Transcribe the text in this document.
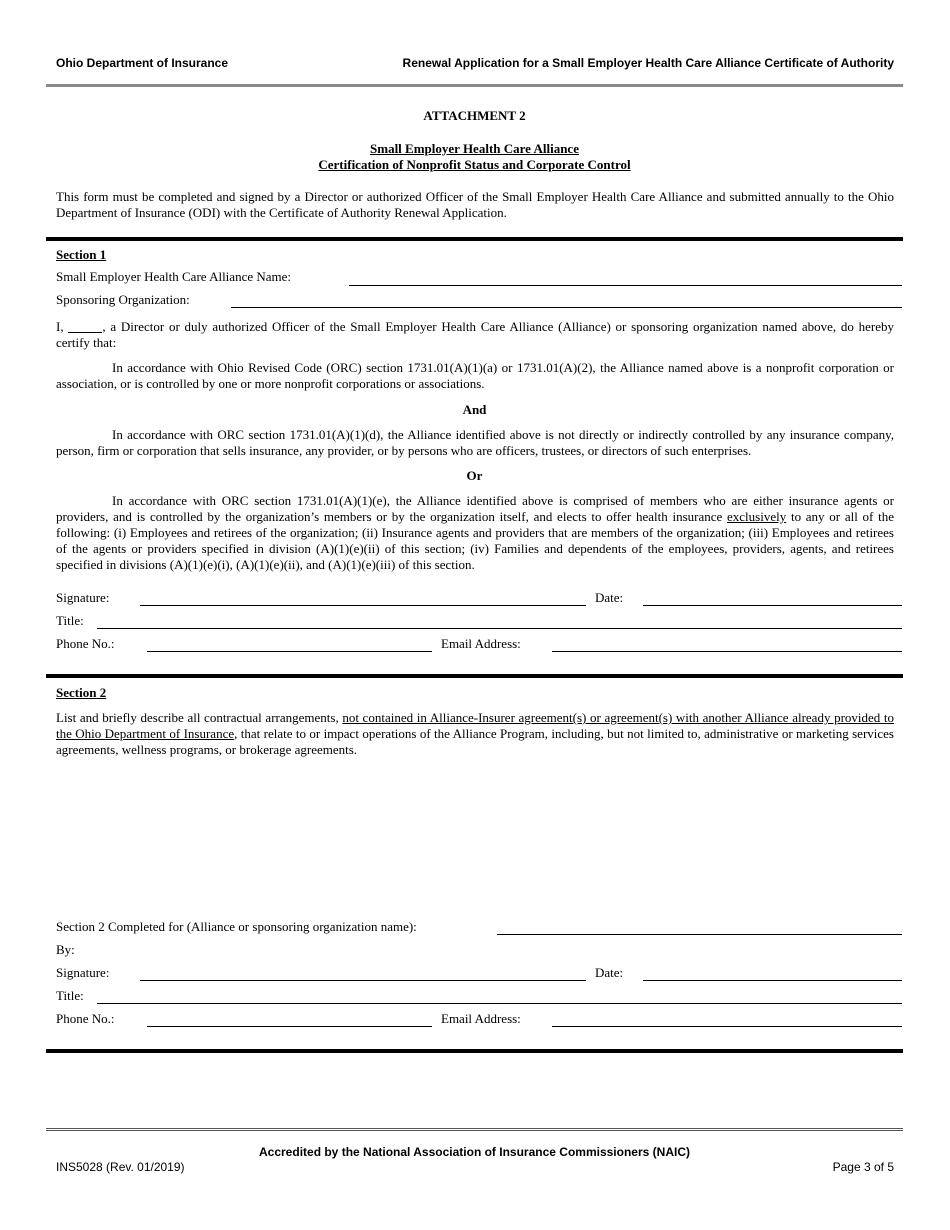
Ohio Department of Insurance	Renewal Application for a Small Employer Health Care Alliance Certificate of Authority
ATTACHMENT 2
Small Employer Health Care Alliance
Certification of Nonprofit Status and Corporate Control
This form must be completed and signed by a Director or authorized Officer of the Small Employer Health Care Alliance and submitted annually to the Ohio Department of Insurance (ODI) with the Certificate of Authority Renewal Application.
Section 1
Small Employer Health Care Alliance Name:
Sponsoring Organization:
I,	, a Director or duly authorized Officer of the Small Employer Health Care Alliance (Alliance) or sponsoring organization named above, do hereby certify that:
In accordance with Ohio Revised Code (ORC) section 1731.01(A)(1)(a) or 1731.01(A)(2), the Alliance named above is a nonprofit corporation or association, or is controlled by one or more nonprofit corporations or associations.
And
In accordance with ORC section 1731.01(A)(1)(d), the Alliance identified above is not directly or indirectly controlled by any insurance company, person, firm or corporation that sells insurance, any provider, or by persons who are officers, trustees, or directors of such enterprises.
Or
In accordance with ORC section 1731.01(A)(1)(e), the Alliance identified above is comprised of members who are either insurance agents or providers, and is controlled by the organization’s members or by the organization itself, and elects to offer health insurance exclusively to any or all of the following: (i) Employees and retirees of the organization; (ii) Insurance agents and providers that are members of the organization; (iii) Employees and retirees of the agents or providers specified in division (A)(1)(e)(ii) of this section; (iv) Families and dependents of the employees, providers, agents, and retirees specified in divisions (A)(1)(e)(i), (A)(1)(e)(ii), and (A)(1)(e)(iii) of this section.
Signature:	Date:
Title:
Phone No.:	Email Address:
Section 2
List and briefly describe all contractual arrangements, not contained in Alliance-Insurer agreement(s) or agreement(s) with another Alliance already provided to the Ohio Department of Insurance, that relate to or impact operations of the Alliance Program, including, but not limited to, administrative or marketing services agreements, wellness programs, or brokerage agreements.
Section 2 Completed for (Alliance or sponsoring organization name):
By:
Signature:	Date:
Title:
Phone No.:	Email Address:
Accredited by the National Association of Insurance Commissioners (NAIC)
INS5028 (Rev. 01/2019)	Page 3 of 5
